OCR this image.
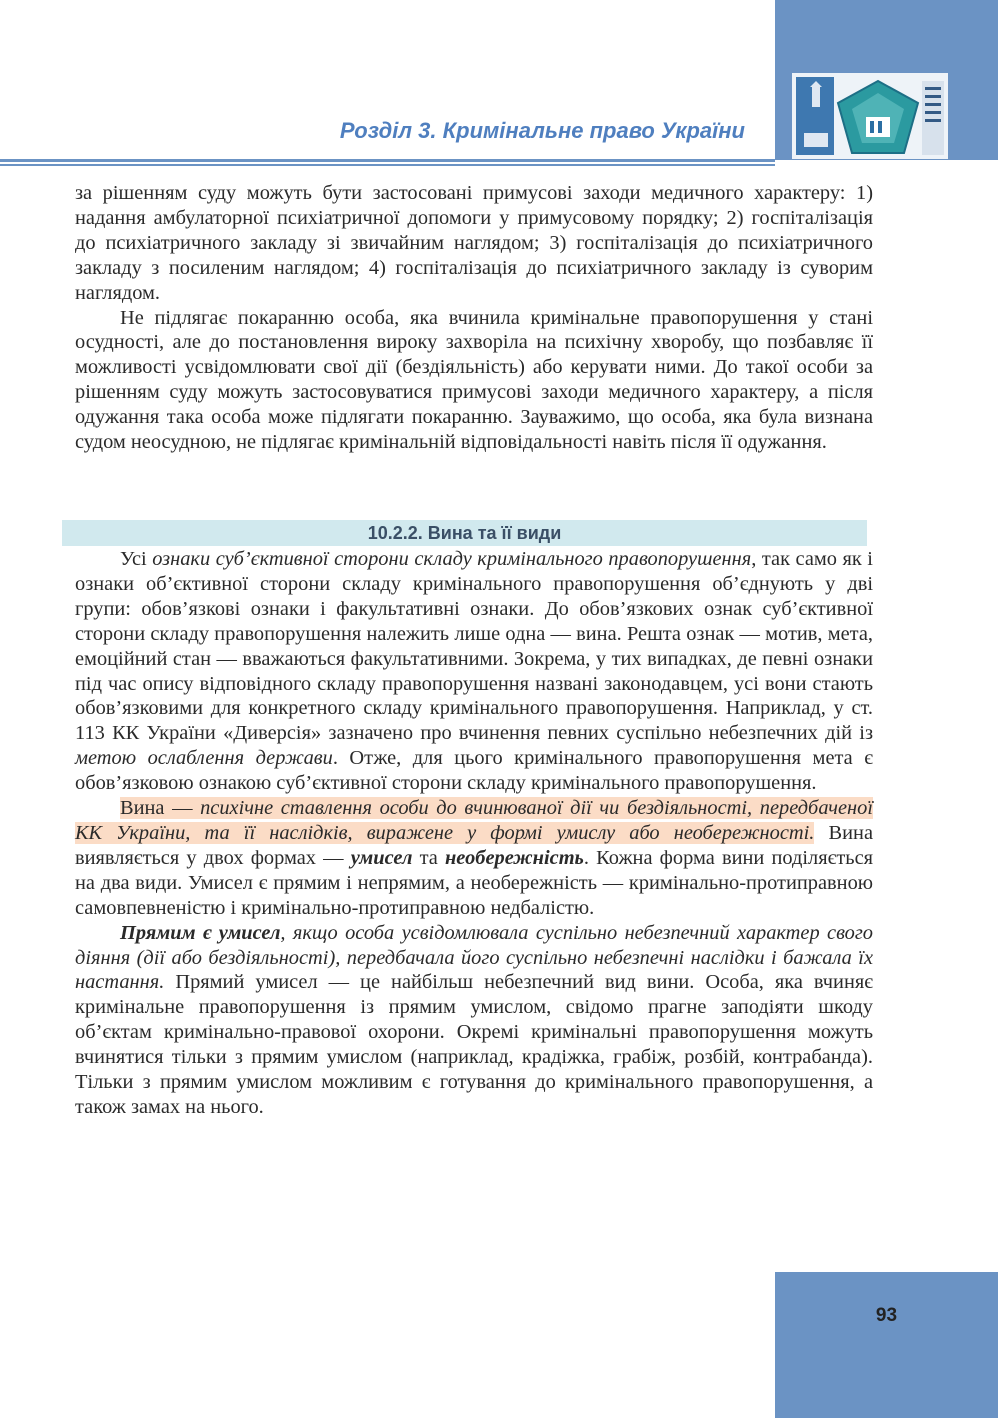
Розділ 3. Кримінальне право України

за рішенням суду можуть бути застосовані примусові заходи медичного характеру: 1) надання амбулаторної психіатричної допомоги у примусовому порядку; 2) госпіталізація до психіатричного закладу зі звичайним наглядом; 3) госпіталізація до психіатричного закладу з посиленим наглядом; 4) госпіталізація до психіатричного закладу із суворим наглядом.

Не підлягає покаранню особа, яка вчинила кримінальне правопорушення у стані осудності, але до постановлення вироку захворіла на психічну хворобу, що позбавляє її можливості усвідомлювати свої дії (бездіяльність) або керувати ними. До такої особи за рішенням суду можуть застосовуватися примусові заходи медичного характеру, а після одужання така особа може підлягати покаранню. Зауважимо, що особа, яка була визнана судом неосудною, не підлягає кримінальній відповідальності навіть після її одужання.

10.2.2. Вина та її види

Усі ознаки суб’єктивної сторони складу кримінального правопорушення, так само як і ознаки об’єктивної сторони складу кримінального правопорушення об’єднують у дві групи: обов’язкові ознаки і факультативні ознаки. До обов’язкових ознак суб’єктивної сторони складу правопорушення належить лише одна — вина. Решта ознак — мотив, мета, емоційний стан — вважаються факультативними. Зокрема, у тих випадках, де певні ознаки під час опису відповідного складу правопорушення названі законодавцем, усі вони стають обов’язковими для конкретного складу кримінального правопорушення. Наприклад, у ст. 113 КК України «Диверсія» зазначено про вчинення певних суспільно небезпечних дій із метою ослаблення держави. Отже, для цього кримінального правопорушення мета є обов’язковою ознакою суб’єктивної сторони складу кримінального правопорушення.

Вина — психічне ставлення особи до вчинюваної дії чи бездіяльності, передбаченої КК України, та її наслідків, виражене у формі умислу або необережності. Вина виявляється у двох формах — умисел та необережність. Кожна форма вини поділяється на два види. Умисел є прямим і непрямим, а необережність — кримінально-протиправною самовпевненістю і кримінально-протиправною недбалістю.

Прямим є умисел, якщо особа усвідомлювала суспільно небезпечний характер свого діяння (дії або бездіяльності), передбачала його суспільно небезпечні наслідки і бажала їх настання. Прямий умисел — це найбільш небезпечний вид вини. Особа, яка вчиняє кримінальне правопорушення із прямим умислом, свідомо прагне заподіяти шкоду об’єктам кримінально-правової охорони. Окремі кримінальні правопорушення можуть вчинятися тільки з прямим умислом (наприклад, крадіжка, грабіж, розбій, контрабанда). Тільки з прямим умислом можливим є готування до кримінального правопорушення, а також замах на нього.

93
